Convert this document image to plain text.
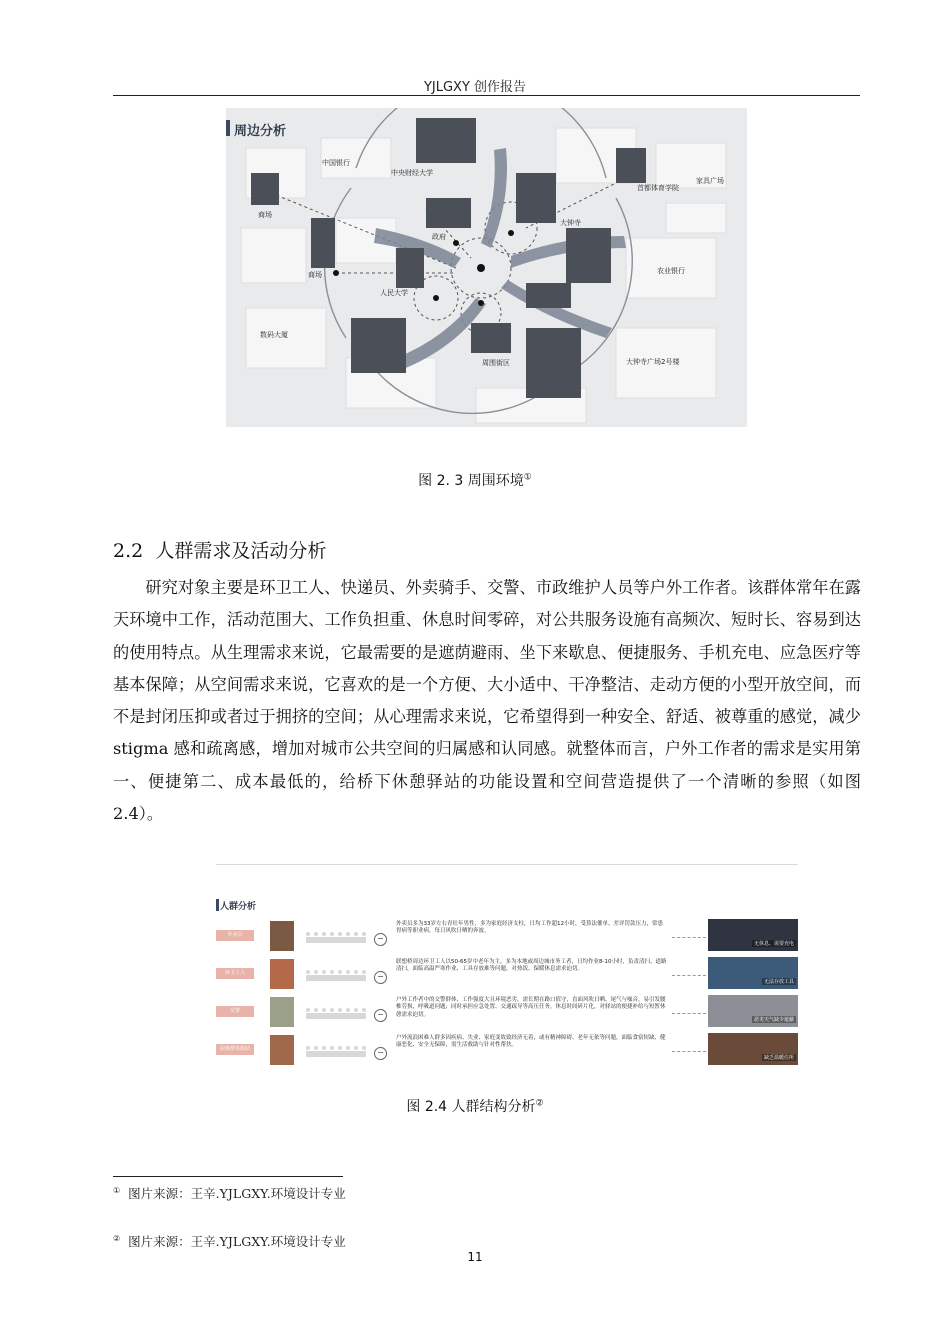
YJLGXY 创作报告
周边分析
中国银行
中央财经大学
首都体育学院
家具广场
商场
政府
大钟寺
商场
人民大学
农业银行
数码大厦
周围街区	大钟寺广场2号楼
图 2. 3 周围环境①
2.2 人群需求及活动分析
研究对象主要是环卫工人、快递员、外卖骑手、交警、市政维护人员等户外工作者。该群体常年在露天环境中工作，活动范围大、工作负担重、休息时间零碎，对公共服务设施有高频次、短时长、容易到达的使用特点。从生理需求来说，它最需要的是遮荫避雨、坐下来歇息、便捷服务、手机充电、应急医疗等基本保障；从空间需求来说，它喜欢的是一个方便、大小适中、干净整洁、走动方便的小型开放空间，而不是封闭压抑或者过于拥挤的空间；从心理需求来说，它希望得到一种安全、舒适、被尊重的感觉，减少 stigma 感和疏离感，增加对城市公共空间的归属感和认同感。就整体而言，户外工作者的需求是实用第一、便捷第二、成本最低的，给桥下休憩驿站的功能设置和空间营造提供了一个清晰的参照（如图 2.4）。
人群分析
外卖员	−
外卖员多为33岁左右青壮年男性，多为家庭经济支柱，日均工作超12小时，受算法催单、差评罚款压力，常患胃病等职业病，每日风吹日晒的奔波。
无休息、需要充电
环卫工人	−
联想桥周边环卫工人以50-65岁中老年为主，多为本地或周边城市务工者，日均作业8-10小时，负责清扫、道路清扫，面临高温严寒作业、工具存放难等问题，对热饭、保暖休息需求迫切。
无法存放工具
交警	−
户外工作者中的交警群体，工作强度大且环境恶劣，需长期在路口值守，直面风吹日晒、尾气与噪音，易引发腰椎劳损、呼吸道问题；同时承担应急处置、交通疏导等高压任务，休息时间碎片化，对驿站的便捷补给与短暂休憩需求迫切。
恶劣天气缺少遮蔽
困难群体救助	−
户外流浪困难人群多因疾病、失业、家庭变故致经济无着，或有精神障碍、老年无依等问题，面临食宿短缺、健康恶化、安全无保障，需生活救助与针对性帮扶。
缺乏温暖住所
图 2.4 人群结构分析②
① 图片来源：王辛.YJLGXY.环境设计专业
② 图片来源：王辛.YJLGXY.环境设计专业
11
